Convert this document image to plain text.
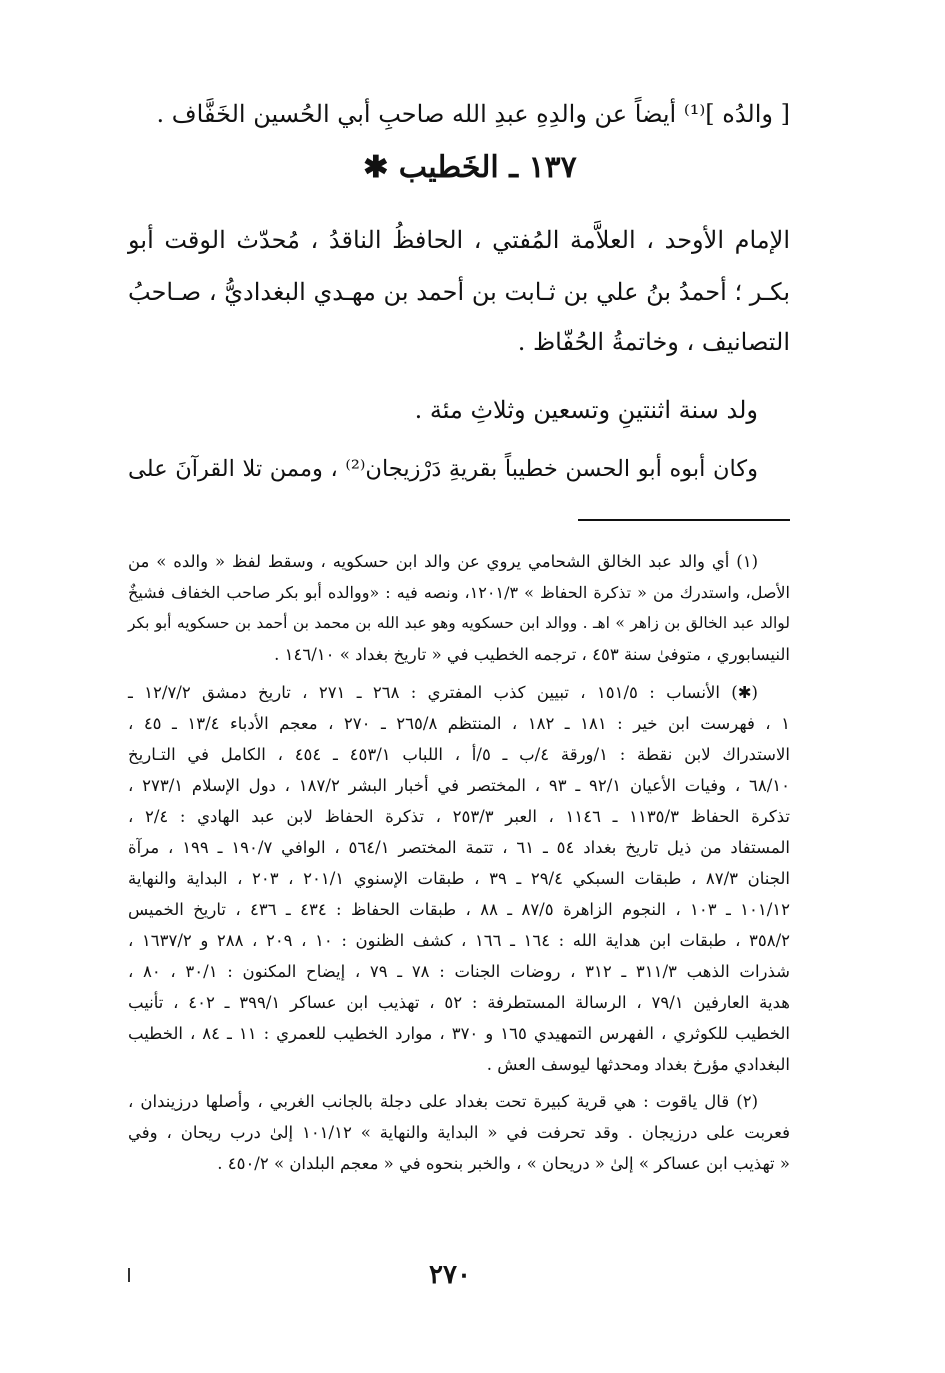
[ والدُه ]⁽¹⁾ أيضاً عن والدِهِ عبدِ الله صاحبِ أبي الحُسين الخَفَّاف .

١٣٧ ـ الخَطيب ✱

الإمام الأوحد ، العلاَّمة المُفتي ، الحافظُ الناقدُ ، مُحدّث الوقت أبو

بكـر ؛ أحمدُ بنُ علي بن ثـابت بن أحمد بن مهـدي البغداديُّ ، صـاحبُ

التصانيف ، وخاتمةُ الحُفّاظ .

ولد سنة اثنتينِ وتسعين وثلاثِ مئة .

وكان أبوه أبو الحسن خطيباً بقريةِ دَرْزيجان⁽²⁾ ، وممن تلا القرآنَ على

(١) أي والد عبد الخالق الشحامي يروي عن والد ابن حسكويه ، وسقط لفظ « والده » من

الأصل، واستدرك من « تذكرة الحفاظ » ١٢٠١/٣، ونصه فيه : «ووالده أبو بكر صاحب الخفاف فشيخٌ

لوالد عبد الخالق بن زاهر » اهـ . ووالد ابن حسكويه وهو عبد الله بن محمد بن أحمد بن حسكويه أبو بكر

النيسابوري ، متوفىٰ سنة ٤٥٣ ، ترجمه الخطيب في « تاريخ بغداد » ١٤٦/١٠ .

(✱) الأنساب : ١٥١/٥ ، تبيين كذب المفتري : ٢٦٨ ـ ٢٧١ ، تاريخ دمشق ١٢/٧/٢ ـ

١ ، فهرست ابن خير : ١٨١ ـ ١٨٢ ، المنتظم ٢٦٥/٨ ـ ٢٧٠ ، معجم الأدباء ١٣/٤ ـ ٤٥ ،

الاستدراك لابن نقطة : ١/ورقة ٤/ب ـ ٥/أ ، اللباب ٤٥٣/١ ـ ٤٥٤ ، الكامل في التـاريخ

٦٨/١٠ ، وفيات الأعيان ٩٢/١ ـ ٩٣ ، المختصر في أخبار البشر ١٨٧/٢ ، دول الإسلام ٢٧٣/١ ،

تذكرة الحفاظ ١١٣٥/٣ ـ ١١٤٦ ، العبر ٢٥٣/٣ ، تذكرة الحفاظ لابن عبد الهادي : ٢/٤ ،

المستفاد من ذيل تاريخ بغداد ٥٤ ـ ٦١ ، تتمة المختصر ٥٦٤/١ ، الوافي ١٩٠/٧ ـ ١٩٩ ، مرآة

الجنان ٨٧/٣ ، طبقات السبكي ٢٩/٤ ـ ٣٩ ، طبقات الإسنوي ٢٠١/١ ، ٢٠٣ ، البداية والنهاية

١٠١/١٢ ـ ١٠٣ ، النجوم الزاهرة ٨٧/٥ ـ ٨٨ ، طبقات الحفاظ : ٤٣٤ ـ ٤٣٦ ، تاريخ الخميس

٣٥٨/٢ ، طبقات ابن هداية الله : ١٦٤ ـ ١٦٦ ، كشف الظنون : ١٠ ، ٢٠٩ ، ٢٨٨ و ١٦٣٧/٢ ،

شذرات الذهب ٣١١/٣ ـ ٣١٢ ، روضات الجنات : ٧٨ ـ ٧٩ ، إيضاح المكنون : ٣٠/١ ، ٨٠ ،

هدية العارفين ٧٩/١ ، الرسالة المستطرفة : ٥٢ ، تهذيب ابن عساكر ٣٩٩/١ ـ ٤٠٢ ، تأنيب

الخطيب للكوثري ، الفهرس التمهيدي ١٦٥ و ٣٧٠ ، موارد الخطيب للعمري : ١١ ـ ٨٤ ، الخطيب

البغدادي مؤرخ بغداد ومحدثها ليوسف العش .

(٢) قال ياقوت : هي قرية كبيرة تحت بغداد على دجلة بالجانب الغربي ، وأصلها درزيندان ،

فعربت على درزيجان . وقد تحرفت في « البداية والنهاية » ١٠١/١٢ إلىٰ درب ريحان ، وفي

« تهذيب ابن عساكر » إلىٰ « دريحان » ، والخبر بنحوه في « معجم البلدان » ٤٥٠/٢ .

٢٧٠
